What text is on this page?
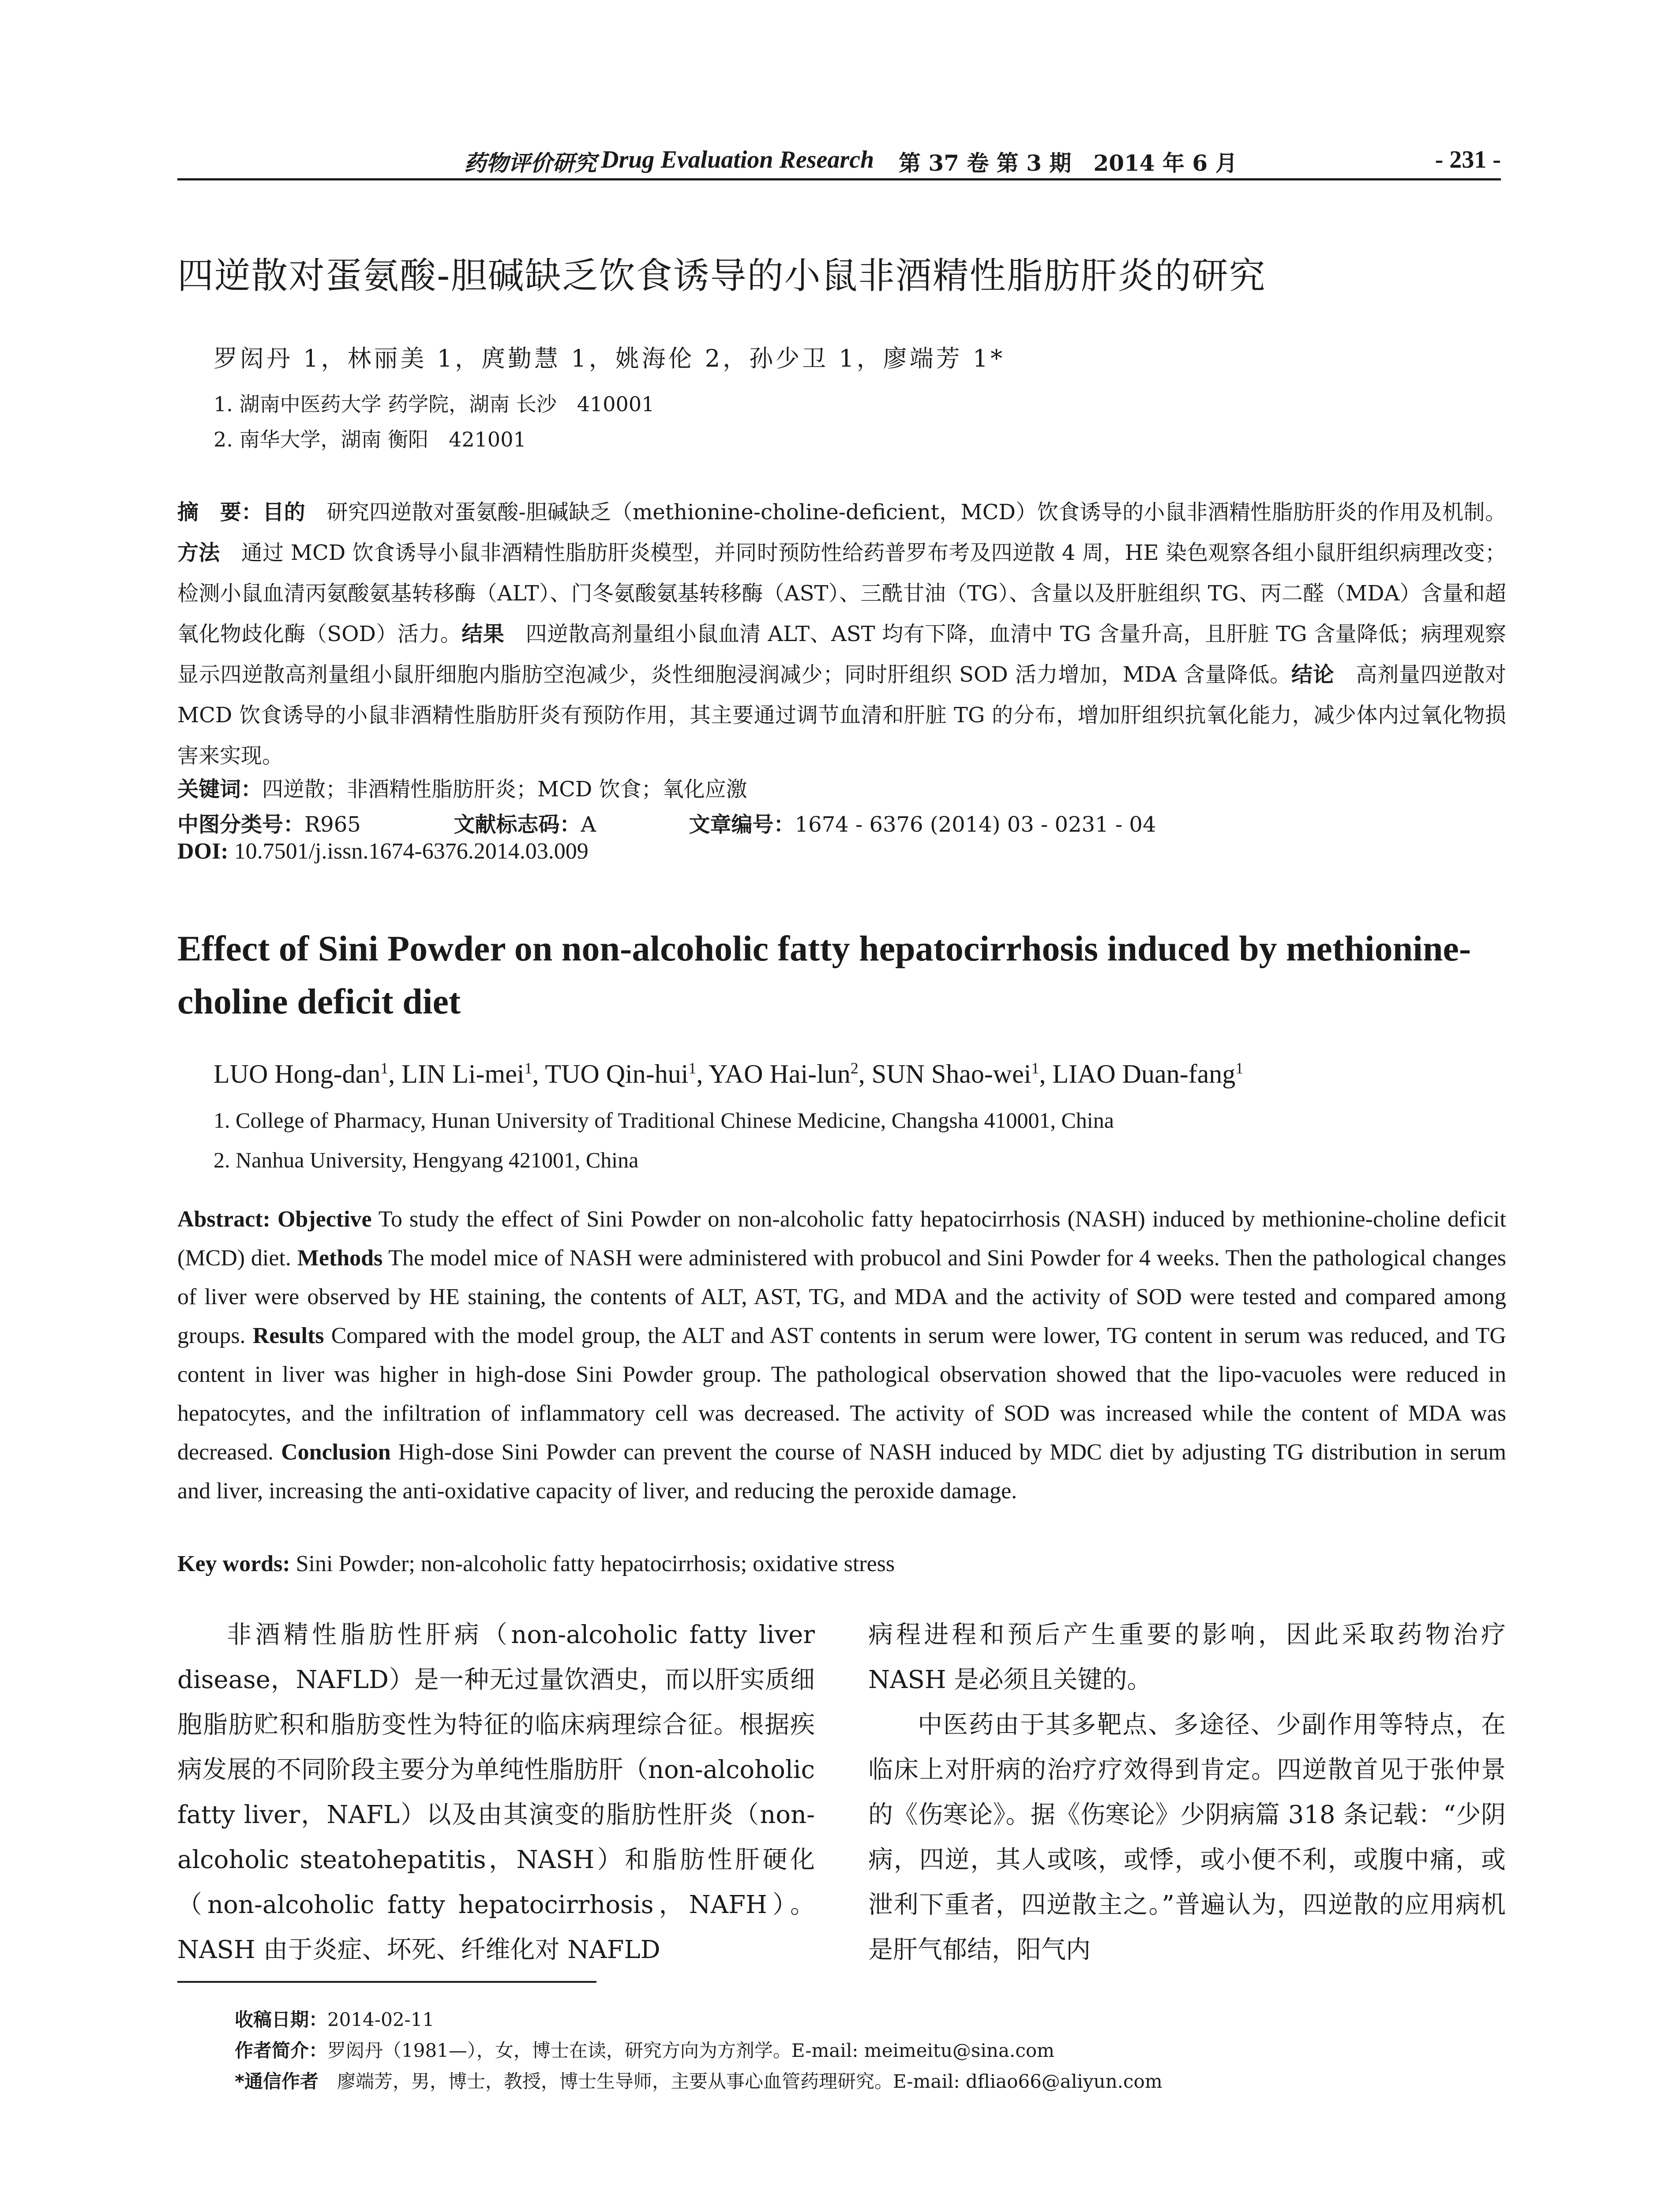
药物评价研究 Drug Evaluation Research 第 37 卷 第 3 期　2014 年 6 月	- 231 -
四逆散对蛋氨酸-胆碱缺乏饮食诱导的小鼠非酒精性脂肪肝炎的研究
罗闳丹 1，林丽美 1，庹勤慧 1，姚海伦 2，孙少卫 1，廖端芳 1*
1. 湖南中医药大学 药学院，湖南 长沙　410001
2. 南华大学，湖南 衡阳　421001
摘　要：目的　研究四逆散对蛋氨酸-胆碱缺乏（methionine-choline-deficient，MCD）饮食诱导的小鼠非酒精性脂肪肝炎的作用及机制。方法　通过 MCD 饮食诱导小鼠非酒精性脂肪肝炎模型，并同时预防性给药普罗布考及四逆散 4 周，HE 染色观察各组小鼠肝组织病理改变；检测小鼠血清丙氨酸氨基转移酶（ALT）、门冬氨酸氨基转移酶（AST）、三酰甘油（TG）、含量以及肝脏组织 TG、丙二醛（MDA）含量和超氧化物歧化酶（SOD）活力。结果　四逆散高剂量组小鼠血清 ALT、AST 均有下降，血清中 TG 含量升高，且肝脏 TG 含量降低；病理观察显示四逆散高剂量组小鼠肝细胞内脂肪空泡减少，炎性细胞浸润减少；同时肝组织 SOD 活力增加，MDA 含量降低。结论　高剂量四逆散对 MCD 饮食诱导的小鼠非酒精性脂肪肝炎有预防作用，其主要通过调节血清和肝脏 TG 的分布，增加肝组织抗氧化能力，减少体内过氧化物损害来实现。
关键词：四逆散；非酒精性脂肪肝炎；MCD 饮食；氧化应激
中图分类号：R965	文献标志码：A	文章编号：1674 - 6376 (2014) 03 - 0231 - 04
DOI: 10.7501/j.issn.1674-6376.2014.03.009
Effect of Sini Powder on non-alcoholic fatty hepatocirrhosis induced by methionine-choline deficit diet
LUO Hong-dan$^1$, LIN Li-mei$^1$, TUO Qin-hui$^1$, YAO Hai-lun$^2$, SUN Shao-wei$^1$, LIAO Duan-fang$^1$
1. College of Pharmacy, Hunan University of Traditional Chinese Medicine, Changsha 410001, China
2. Nanhua University, Hengyang 421001, China
Abstract: Objective To study the effect of Sini Powder on non-alcoholic fatty hepatocirrhosis (NASH) induced by methionine-choline deficit (MCD) diet. Methods The model mice of NASH were administered with probucol and Sini Powder for 4 weeks. Then the pathological changes of liver were observed by HE staining, the contents of ALT, AST, TG, and MDA and the activity of SOD were tested and compared among groups. Results Compared with the model group, the ALT and AST contents in serum were lower, TG content in serum was reduced, and TG content in liver was higher in high-dose Sini Powder group. The pathological observation showed that the lipo-vacuoles were reduced in hepatocytes, and the infiltration of inflammatory cell was decreased. The activity of SOD was increased while the content of MDA was decreased. Conclusion High-dose Sini Powder can prevent the course of NASH induced by MDC diet by adjusting TG distribution in serum and liver, increasing the anti-oxidative capacity of liver, and reducing the peroxide damage.
Key words: Sini Powder; non-alcoholic fatty hepatocirrhosis; oxidative stress

非酒精性脂肪性肝病（non-alcoholic fatty liver disease，NAFLD）是一种无过量饮酒史，而以肝实质细胞脂肪贮积和脂肪变性为特征的临床病理综合征。根据疾病发展的不同阶段主要分为单纯性脂肪肝（non-alcoholic fatty liver，NAFL）以及由其演变的脂肪性肝炎（non-alcoholic steatohepatitis，NASH）和脂肪性肝硬化（non-alcoholic fatty hepatocirrhosis，NAFH）。NASH 由于炎症、坏死、纤维化对 NAFLD

病程进程和预后产生重要的影响，因此采取药物治疗 NASH 是必须且关键的。

中医药由于其多靶点、多途径、少副作用等特点，在临床上对肝病的治疗疗效得到肯定。四逆散首见于张仲景的《伤寒论》。据《伤寒论》少阴病篇 318 条记载：“少阴病，四逆，其人或咳，或悸，或小便不利，或腹中痛，或泄利下重者，四逆散主之。”普遍认为，四逆散的应用病机是肝气郁结，阳气内

收稿日期：2014-02-11
作者简介：罗闳丹（1981—），女，博士在读，研究方向为方剂学。E-mail: meimeitu@sina.com
*通信作者　廖端芳，男，博士，教授，博士生导师，主要从事心血管药理研究。E-mail: dfliao66@aliyun.com
